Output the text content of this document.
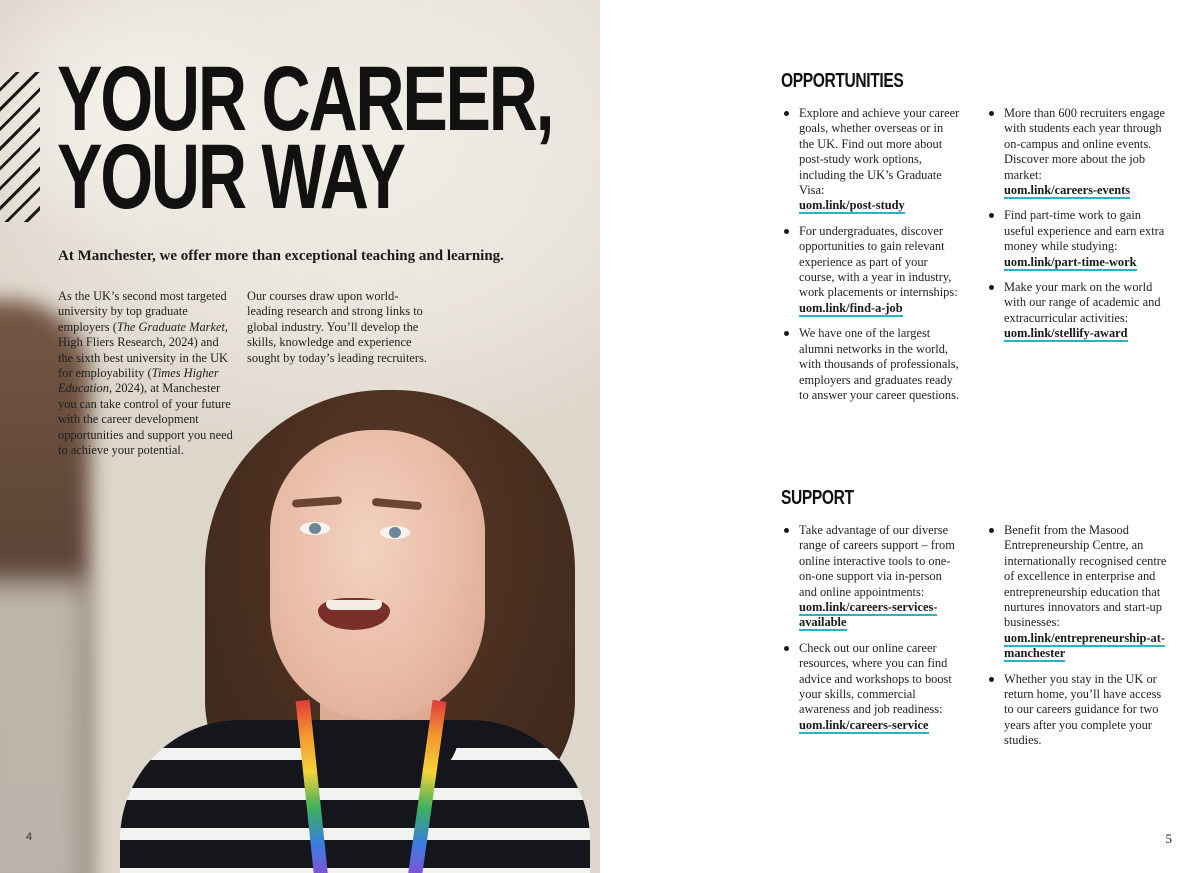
YOUR CAREER,
YOUR WAY
At Manchester, we offer more than exceptional teaching and learning.
As the UK’s second most targeted university by top graduate employers (The Graduate Market, High Fliers Research, 2024) and the sixth best university in the UK for employability (Times Higher Education, 2024), at Manchester you can take control of your future with the career development opportunities and support you need to achieve your potential.
Our courses draw upon world-leading research and strong links to global industry. You’ll develop the skills, knowledge and experience sought by today’s leading recruiters.
4
OPPORTUNITIES
Explore and achieve your career goals, whether overseas or in the UK. Find out more about post-study work options, including the UK’s Graduate Visa:
uom.link/post-study
For undergraduates, discover opportunities to gain relevant experience as part of your course, with a year in industry, work placements or internships:
uom.link/find-a-job
We have one of the largest alumni networks in the world, with thousands of professionals, employers and graduates ready to answer your career questions.
More than 600 recruiters engage with students each year through on-campus and online events. Discover more about the job market:
uom.link/careers-events
Find part-time work to gain useful experience and earn extra money while studying:
uom.link/part-time-work
Make your mark on the world with our range of academic and extracurricular activities:
uom.link/stellify-award
SUPPORT
Take advantage of our diverse range of careers support – from online interactive tools to one-on-one support via in-person and online appointments:
uom.link/careers-services-available
Check out our online career resources, where you can find advice and workshops to boost your skills, commercial awareness and job readiness:
uom.link/careers-service
Benefit from the Masood Entrepreneurship Centre, an internationally recognised centre of excellence in enterprise and entrepreneurship education that nurtures innovators and start-up businesses:
uom.link/entrepreneurship-at-manchester
Whether you stay in the UK or return home, you’ll have access to our careers guidance for two years after you complete your studies.
5
